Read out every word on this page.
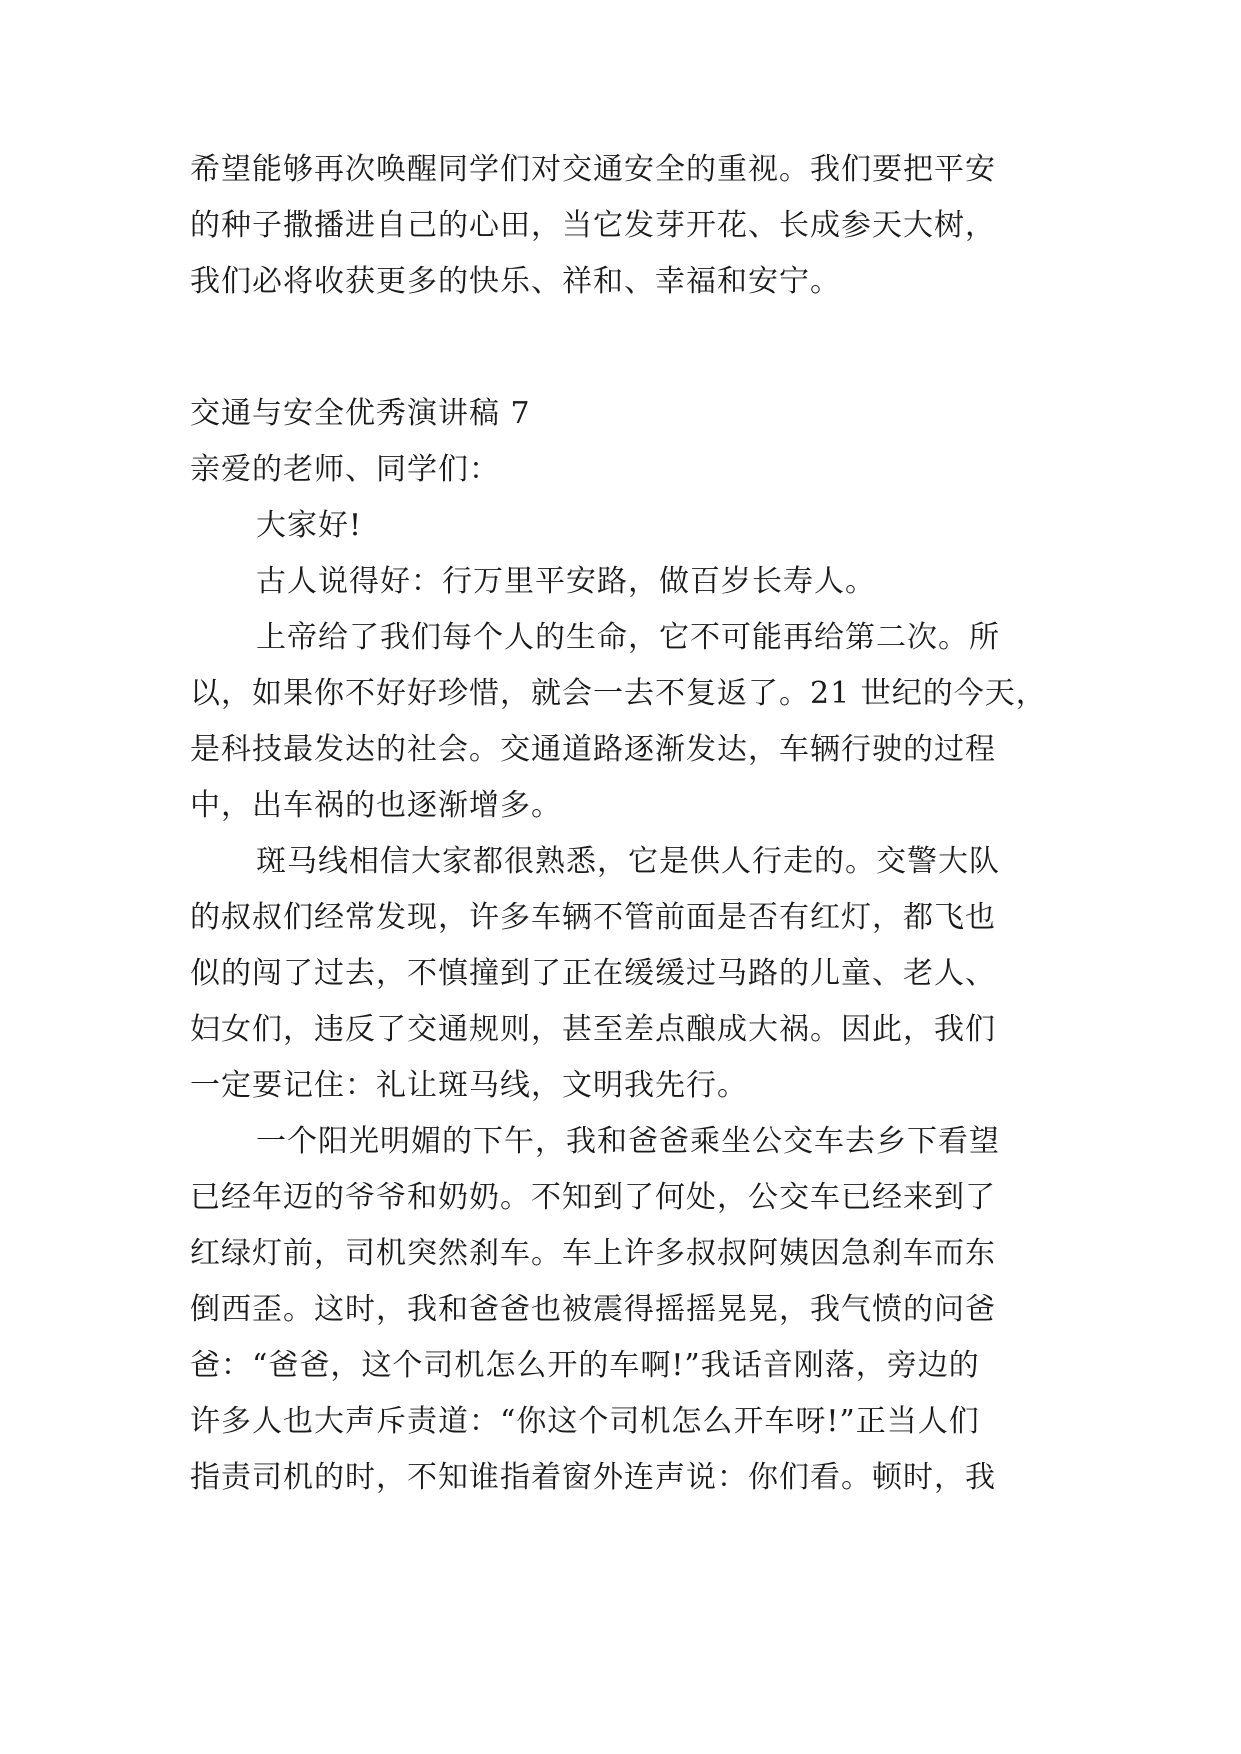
希望能够再次唤醒同学们对交通安全的重视。我们要把平安
的种子撒播进自己的心田，当它发芽开花、长成参天大树，
我们必将收获更多的快乐、祥和、幸福和安宁。
交通与安全优秀演讲稿 7
亲爱的老师、同学们：
大家好!
古人说得好：行万里平安路，做百岁长寿人。
上帝给了我们每个人的生命，它不可能再给第二次。所
以，如果你不好好珍惜，就会一去不复返了。21 世纪的今天，
是科技最发达的社会。交通道路逐渐发达，车辆行驶的过程
中，出车祸的也逐渐增多。
斑马线相信大家都很熟悉，它是供人行走的。交警大队
的叔叔们经常发现，许多车辆不管前面是否有红灯，都飞也
似的闯了过去，不慎撞到了正在缓缓过马路的儿童、老人、
妇女们，违反了交通规则，甚至差点酿成大祸。因此，我们
一定要记住：礼让斑马线，文明我先行。
一个阳光明媚的下午，我和爸爸乘坐公交车去乡下看望
已经年迈的爷爷和奶奶。不知到了何处，公交车已经来到了
红绿灯前，司机突然刹车。车上许多叔叔阿姨因急刹车而东
倒西歪。这时，我和爸爸也被震得摇摇晃晃，我气愤的问爸
爸：“爸爸，这个司机怎么开的车啊!”我话音刚落，旁边的
许多人也大声斥责道：“你这个司机怎么开车呀!”正当人们
指责司机的时，不知谁指着窗外连声说：你们看。顿时，我
